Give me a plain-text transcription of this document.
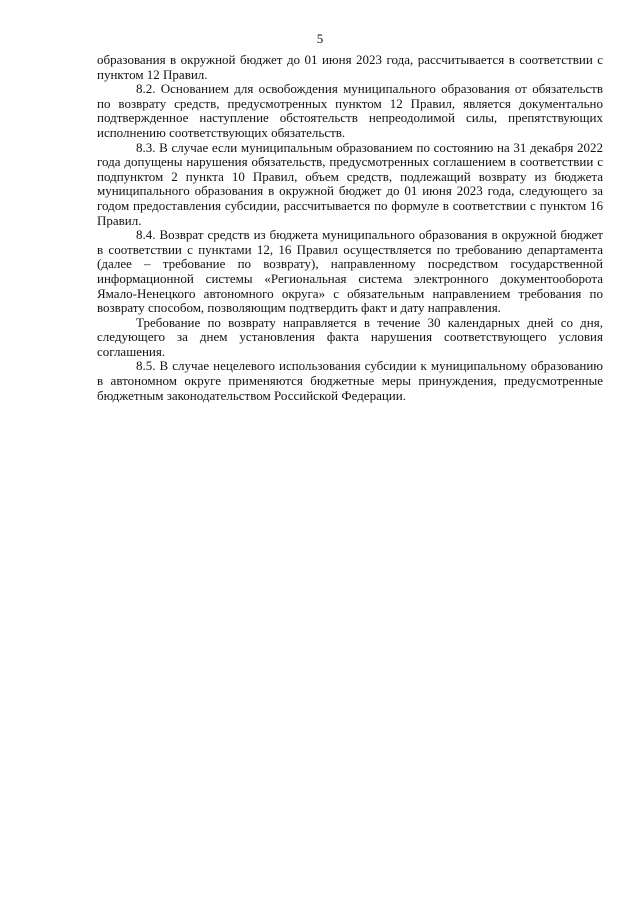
5

образования в окружной бюджет до 01 июня 2023 года, рассчитывается в соответствии с пунктом 12 Правил.

8.2. Основанием для освобождения муниципального образования от обязательств по возврату средств, предусмотренных пунктом 12 Правил, является документально подтвержденное наступление обстоятельств непреодолимой силы, препятствующих исполнению соответствующих обязательств.

8.3. В случае если муниципальным образованием по состоянию на 31 декабря 2022 года допущены нарушения обязательств, предусмотренных соглашением в соответствии с подпунктом 2 пункта 10 Правил, объем средств, подлежащий возврату из бюджета муниципального образования в окружной бюджет до 01 июня 2023 года, следующего за годом предоставления субсидии, рассчитывается по формуле в соответствии с пунктом 16 Правил.

8.4. Возврат средств из бюджета муниципального образования в окружной бюджет в соответствии с пунктами 12, 16 Правил осуществляется по требованию департамента (далее – требование по возврату), направленному посредством государственной информационной системы «Региональная система электронного документооборота Ямало-Ненецкого автономного округа» с обязательным направлением требования по возврату способом, позволяющим подтвердить факт и дату направления.

Требование по возврату направляется в течение 30 календарных дней со дня, следующего за днем установления факта нарушения соответствующего условия соглашения.

8.5. В случае нецелевого использования субсидии к муниципальному образованию в автономном округе применяются бюджетные меры принуждения, предусмотренные бюджетным законодательством Российской Федерации.
